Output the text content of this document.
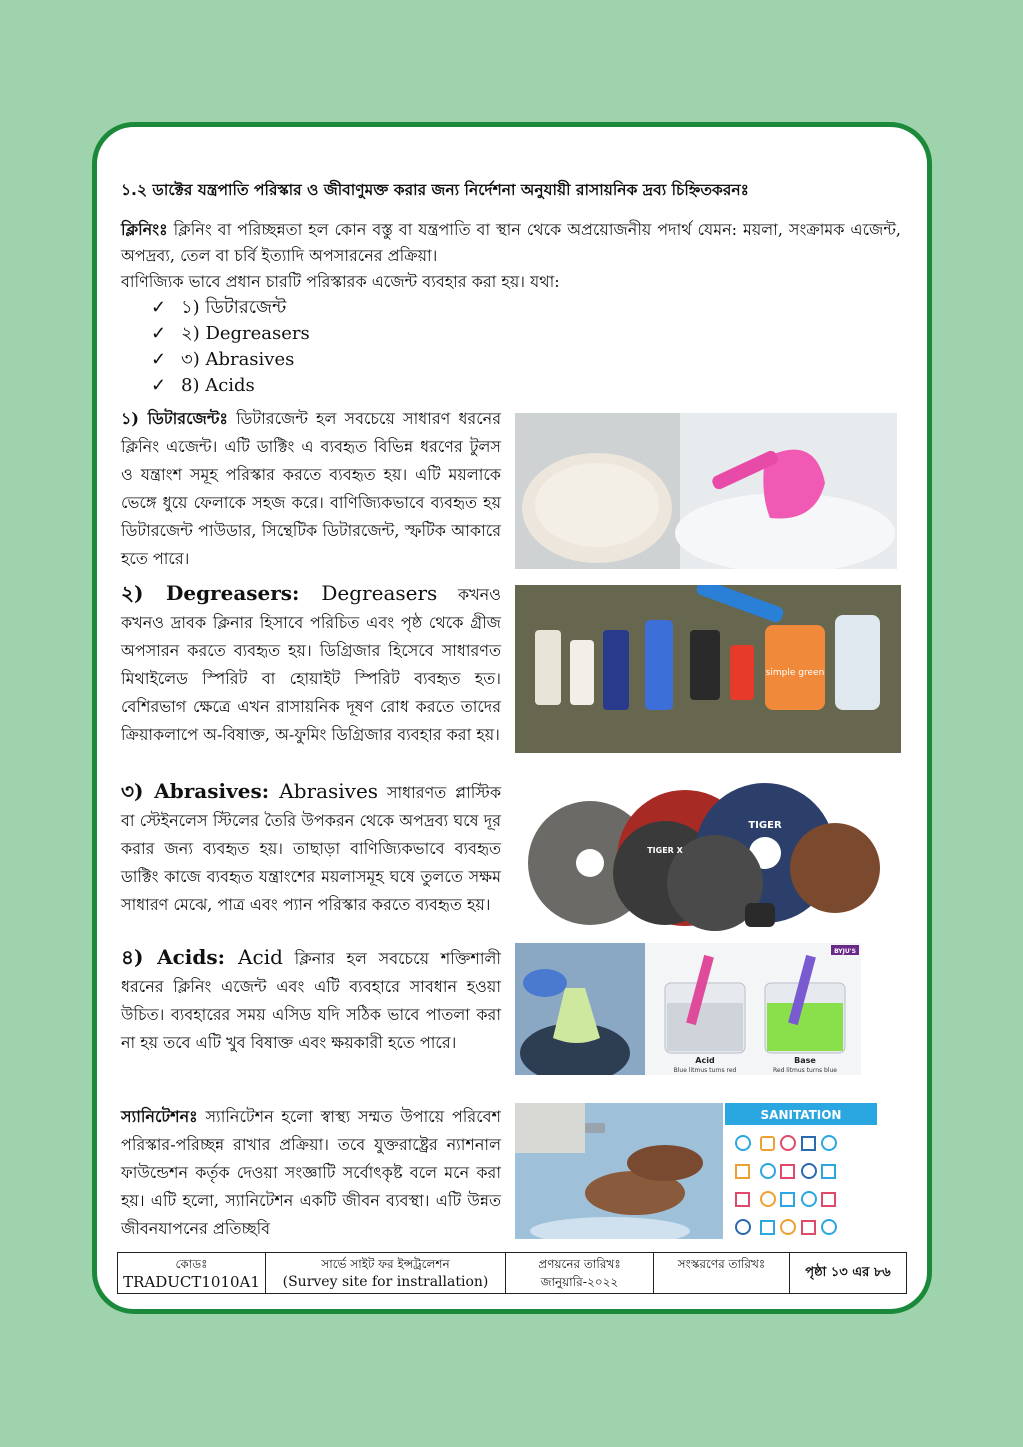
১.২ ডাক্টের যন্ত্রপাতি পরিস্কার ও জীবাণুমক্ত করার জন্য নির্দেশনা অনুযায়ী রাসায়নিক দ্রব্য চিহ্নিতকরনঃ

ক্লিনিংঃ ক্লিনিং বা পরিচ্ছন্নতা হল কোন বস্তু বা যন্ত্রপাতি বা স্থান থেকে অপ্রয়োজনীয় পদার্থ যেমন: ময়লা, সংক্রামক এজেন্ট, অপদ্রব্য, তেল বা চর্বি ইত্যাদি অপসারনের প্রক্রিয়া।

বাণিজ্যিক ভাবে প্রধান চারটি পরিস্কারক এজেন্ট ব্যবহার করা হয়। যথা:

✓ ১) ডিটারজেন্ট
✓ ২) Degreasers
✓ ৩) Abrasives
✓ 8) Acids

১) ডিটারজেন্টঃ ডিটারজেন্ট হল সবচেয়ে সাধারণ ধরনের ক্লিনিং এজেন্ট। এটি ডাক্টিং এ ব্যবহৃত বিভিন্ন ধরণের টুলস ও যন্ত্রাংশ সমূহ পরিস্কার করতে ব্যবহৃত হয়। এটি ময়লাকে ভেঙ্গে ধুয়ে ফেলাকে সহজ করে। বাণিজ্যিকভাবে ব্যবহৃত হয় ডিটারজেন্ট পাউডার, সিন্থেটিক ডিটারজেন্ট, স্ফটিক আকারে হতে পারে।

২) Degreasers: Degreasers কখনও কখনও দ্রাবক ক্লিনার হিসাবে পরিচিত এবং পৃষ্ঠ থেকে গ্রীজ অপসারন করতে ব্যবহৃত হয়। ডিগ্রিজার হিসেবে সাধারণত মিথাইলেড স্পিরিট বা হোয়াইট স্পিরিট ব্যবহৃত হত। বেশিরভাগ ক্ষেত্রে এখন রাসায়নিক দূষণ রোধ করতে তাদের ক্রিয়াকলাপে অ-বিষাক্ত, অ-ফুমিং ডিগ্রিজার ব্যবহার করা হয়।

simple green

৩) Abrasives: Abrasives সাধারণত প্লাস্টিক বা স্টেইনলেস স্টিলের তৈরি উপকরন থেকে অপদ্রব্য ঘষে দূর করার জন্য ব্যবহৃত হয়। তাছাড়া বাণিজ্যিকভাবে ব্যবহৃত ডাক্টিং কাজে ব্যবহৃত যন্ত্রাংশের ময়লাসমূহ ঘষে তুলতে সক্ষম সাধারণ মেঝে, পাত্র এবং প্যান পরিস্কার করতে ব্যবহৃত হয়।

TIGER
TIGER X

৪) Acids: Acid ক্লিনার হল সবচেয়ে শক্তিশালী ধরনের ক্লিনিং এজেন্ট এবং এটি ব্যবহারে সাবধান হওয়া উচিত। ব্যবহারের সময় এসিড যদি সঠিক ভাবে পাতলা করা না হয় তবে এটি খুব বিষাক্ত এবং ক্ষয়কারী হতে পারে।

Acid
Blue litmus turns red
Base
Red litmus turns blue
BYJU'S

স্যানিটেশনঃ স্যানিটেশন হলো স্বাস্থ্য সম্মত উপায়ে পরিবেশ পরিস্কার-পরিচ্ছন্ন রাখার প্রক্রিয়া। তবে যুক্তরাষ্ট্রের ন্যাশনাল ফাউন্ডেশন কর্তৃক দেওয়া সংজ্ঞাটি সর্বোৎকৃষ্ট বলে মনে করা হয়। এটি হলো, স্যানিটেশন একটি জীবন ব্যবস্থা। এটি উন্নত জীবনযাপনের প্রতিচ্ছবি

SANITATION
কোডঃ
TRADUCT1010A1

সার্ভে সাইট ফর ইন্সট্রলেশন
(Survey site for instrallation)

প্রণয়নের তারিখঃ
জানুয়ারি-২০২২

সংস্করণের তারিখঃ
	পৃষ্ঠা ১৩ এর ৮৬
